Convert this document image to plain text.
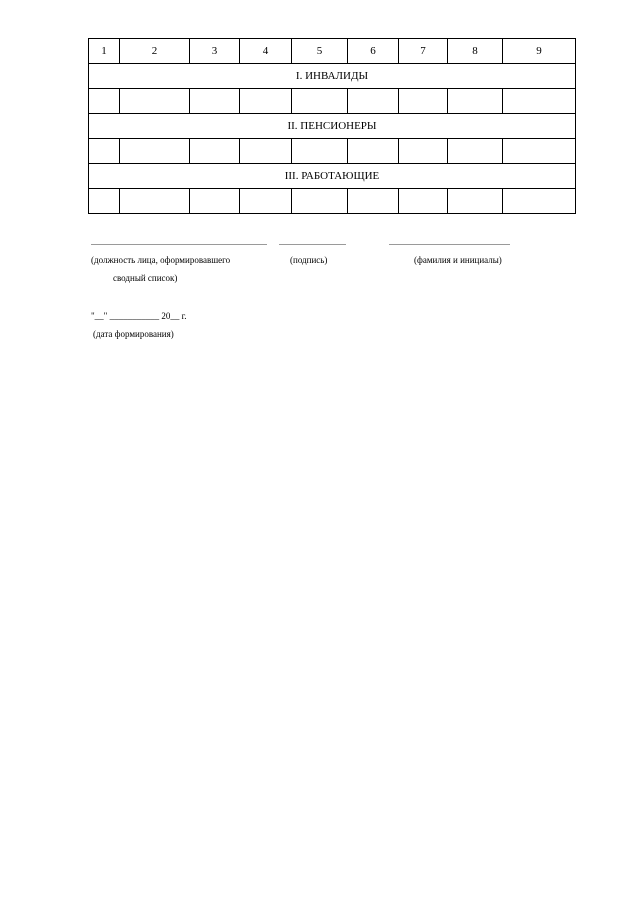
1	2	3	4	5	6	7	8	9
I. ИНВАЛИДЫ								

II. ПЕНСИОНЕРЫ								

III. РАБОТАЮЩИЕ								

(должность лица, оформировавшего
сводный список)
(подпись)	(фамилия и инициалы)
"__" ___________ 20__ г.
(дата формирования)
